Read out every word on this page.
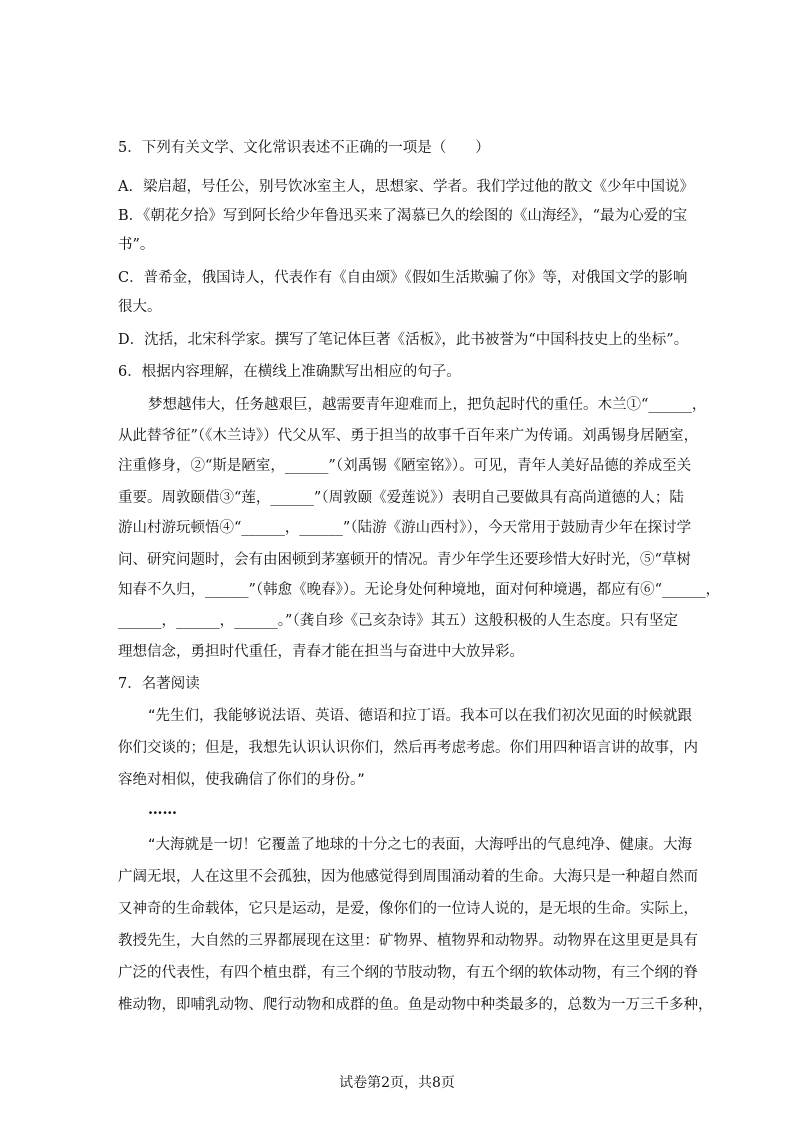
5．下列有关文学、文化常识表述不正确的一项是（　　）
A．梁启超，号任公，别号饮冰室主人，思想家、学者。我们学过他的散文《少年中国说》
B．《朝花夕拾》写到阿长给少年鲁迅买来了渴慕已久的绘图的《山海经》，“最为心爱的宝
书”。
C．普希金，俄国诗人，代表作有《自由颂》《假如生活欺骗了你》等，对俄国文学的影响
很大。
D．沈括，北宋科学家。撰写了笔记体巨著《活板》，此书被誉为“中国科技史上的坐标”。
6．根据内容理解，在横线上准确默写出相应的句子。
梦想越伟大，任务越艰巨，越需要青年迎难而上，把负起时代的重任。木兰①“______，
从此替爷征”（《木兰诗》）代父从军、勇于担当的故事千百年来广为传诵。刘禹锡身居陋室，
注重修身，②“斯是陋室，______”（刘禹锡《陋室铭》）。可见，青年人美好品德的养成至关
重要。周敦颐借③“莲，______”（周敦颐《爱莲说》）表明自己要做具有高尚道德的人；陆
游山村游玩顿悟④“______，______”（陆游《游山西村》），今天常用于鼓励青少年在探讨学
问、研究问题时，会有由困顿到茅塞顿开的情况。青少年学生还要珍惜大好时光，⑤“草树
知春不久归，______”（韩愈《晚春》）。无论身处何种境地，面对何种境遇，都应有⑥“______，
______，______，______。”（龚自珍《己亥杂诗》其五）这般积极的人生态度。只有坚定
理想信念，勇担时代重任，青春才能在担当与奋进中大放异彩。
7．名著阅读
“先生们，我能够说法语、英语、德语和拉丁语。我本可以在我们初次见面的时候就跟
你们交谈的；但是，我想先认识认识你们，然后再考虑考虑。你们用四种语言讲的故事，内
容绝对相似，使我确信了你们的身份。”
……
“大海就是一切！它覆盖了地球的十分之七的表面，大海呼出的气息纯净、健康。大海
广阔无垠，人在这里不会孤独，因为他感觉得到周围涌动着的生命。大海只是一种超自然而
又神奇的生命载体，它只是运动，是爱，像你们的一位诗人说的，是无垠的生命。实际上，
教授先生，大自然的三界都展现在这里：矿物界、植物界和动物界。动物界在这里更是具有
广泛的代表性，有四个植虫群，有三个纲的节肢动物，有五个纲的软体动物，有三个纲的脊
椎动物，即哺乳动物、爬行动物和成群的鱼。鱼是动物中种类最多的，总数为一万三千多种，
试卷第2页，共8页
